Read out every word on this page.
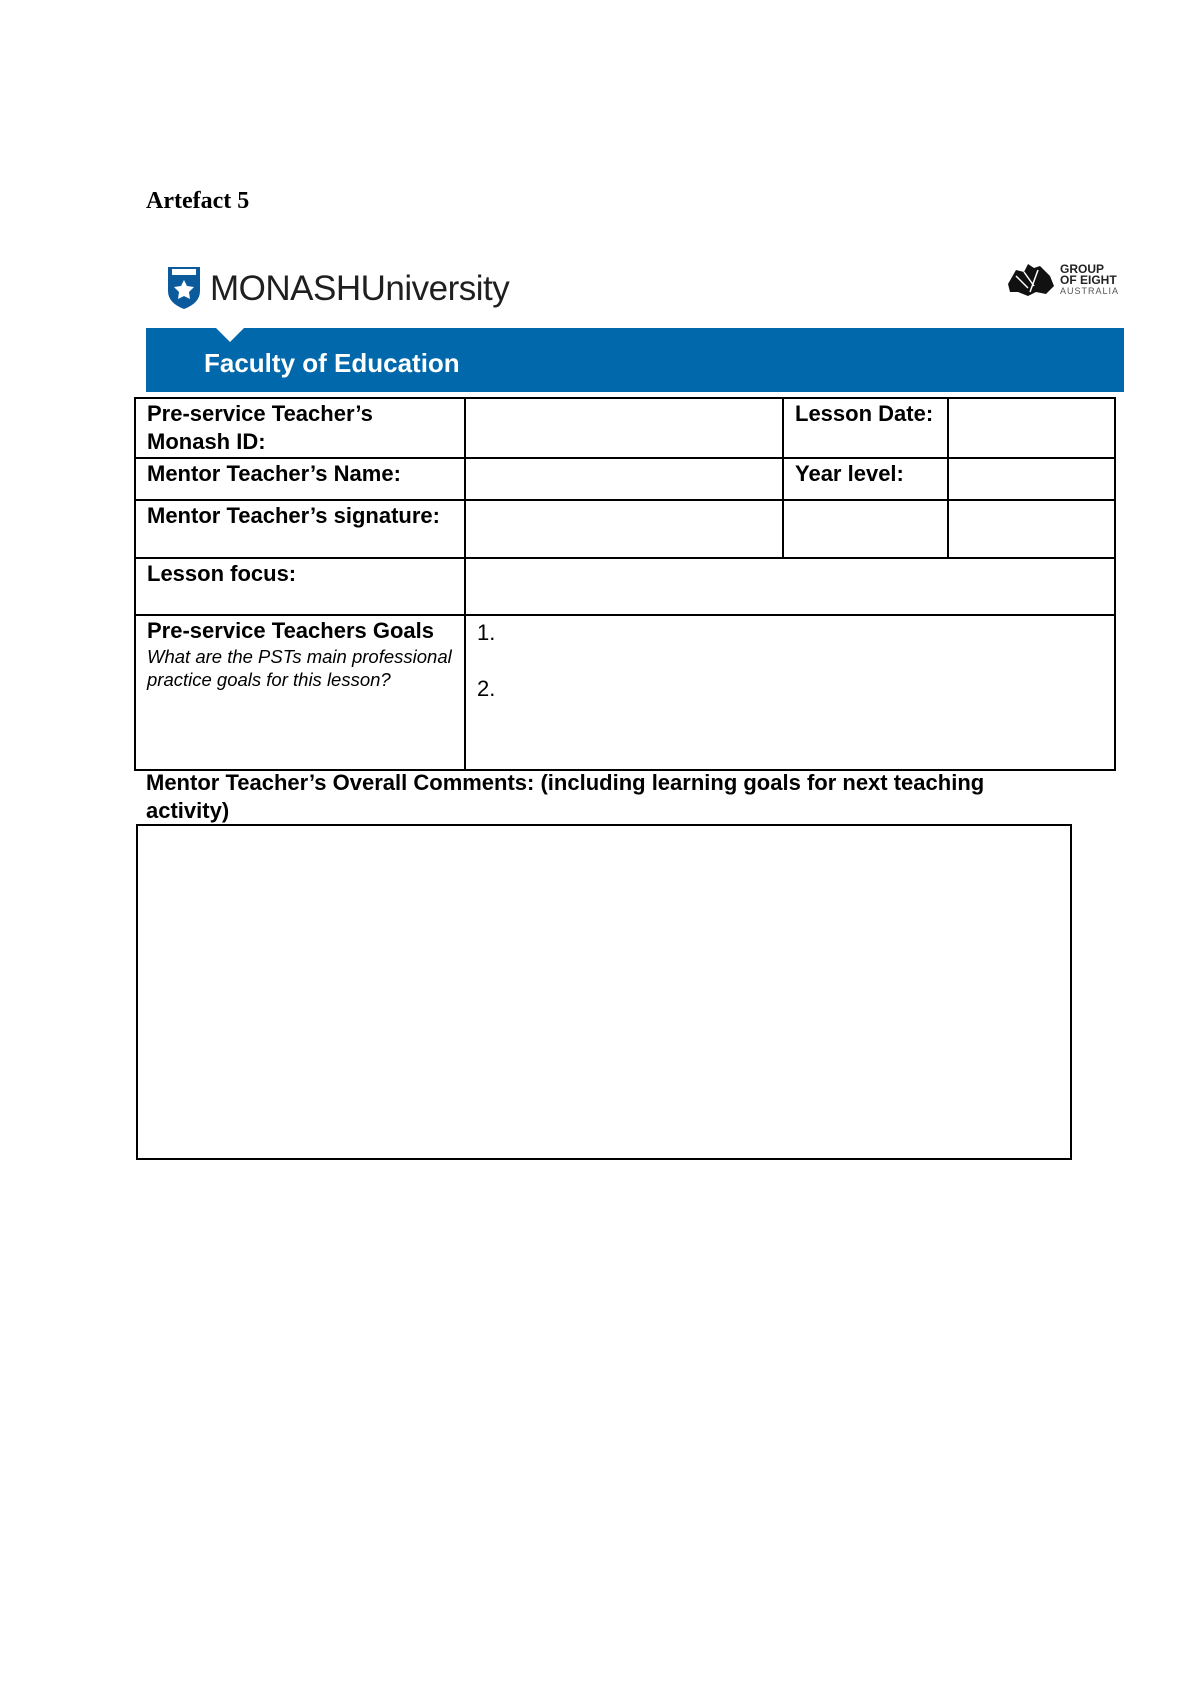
Artefact 5
MONASHUniversity	GROUP
OF EIGHT
AUSTRALIA
Faculty of Education
Pre-service Teacher’s Monash ID:		Lesson Date:	
Mentor Teacher’s Name:		Year level:	
Mentor Teacher’s signature:			
Lesson focus:			
Pre-service Teachers Goals
What are the PSTs main professional practice goals for this lesson?	1.
2.		
Mentor Teacher’s Overall Comments: (including learning goals for next teaching activity)
